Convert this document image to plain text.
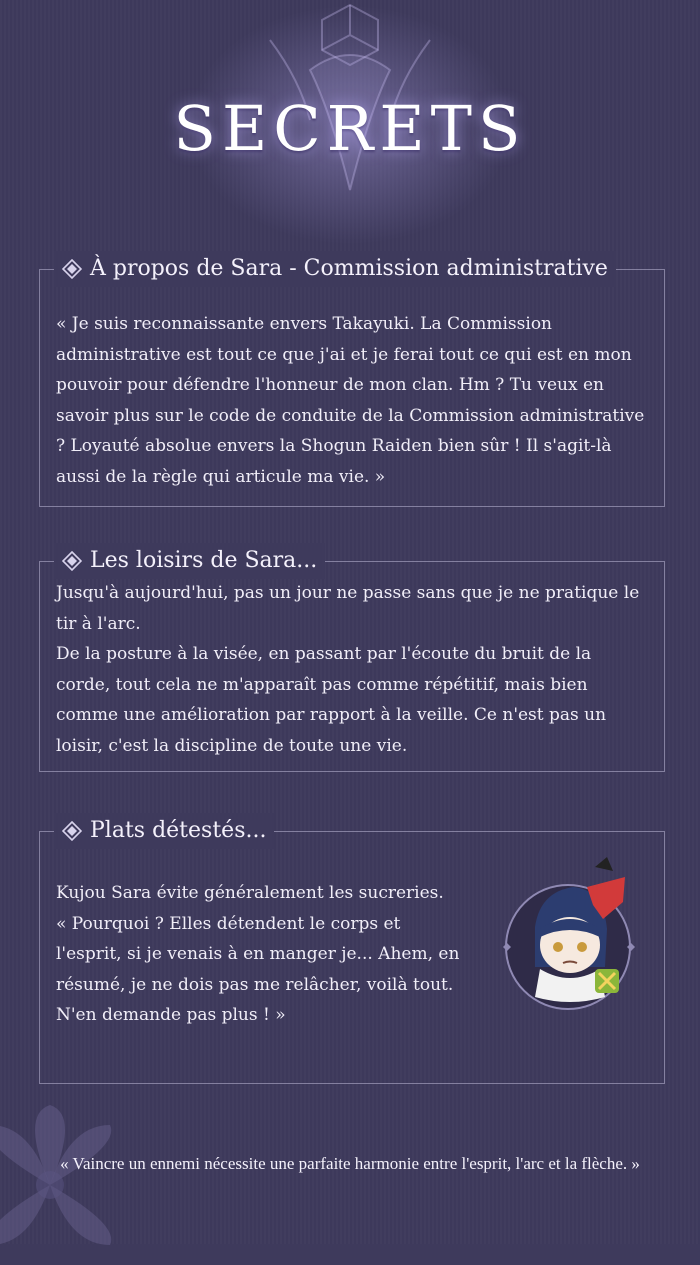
SECRETS
À propos de Sara - Commission administrative
« Je suis reconnaissante envers Takayuki. La Commission administrative est tout ce que j'ai et je ferai tout ce qui est en mon pouvoir pour défendre l'honneur de mon clan. Hm ? Tu veux en savoir plus sur le code de conduite de la Commission administrative ? Loyauté absolue envers la Shogun Raiden bien sûr ! Il s'agit-là aussi de la règle qui articule ma vie. »
Les loisirs de Sara...
Jusqu'à aujourd'hui, pas un jour ne passe sans que je ne pratique le tir à l'arc.
De la posture à la visée, en passant par l'écoute du bruit de la corde, tout cela ne m'apparaît pas comme répétitif, mais bien comme une amélioration par rapport à la veille. Ce n'est pas un loisir, c'est la discipline de toute une vie.
Plats détestés...
Kujou Sara évite généralement les sucreries.
« Pourquoi ? Elles détendent le corps et l'esprit, si je venais à en manger je... Ahem, en résumé, je ne dois pas me relâcher, voilà tout. N'en demande pas plus ! »
« Vaincre un ennemi nécessite une parfaite harmonie entre l'esprit, l'arc et la flèche. »
